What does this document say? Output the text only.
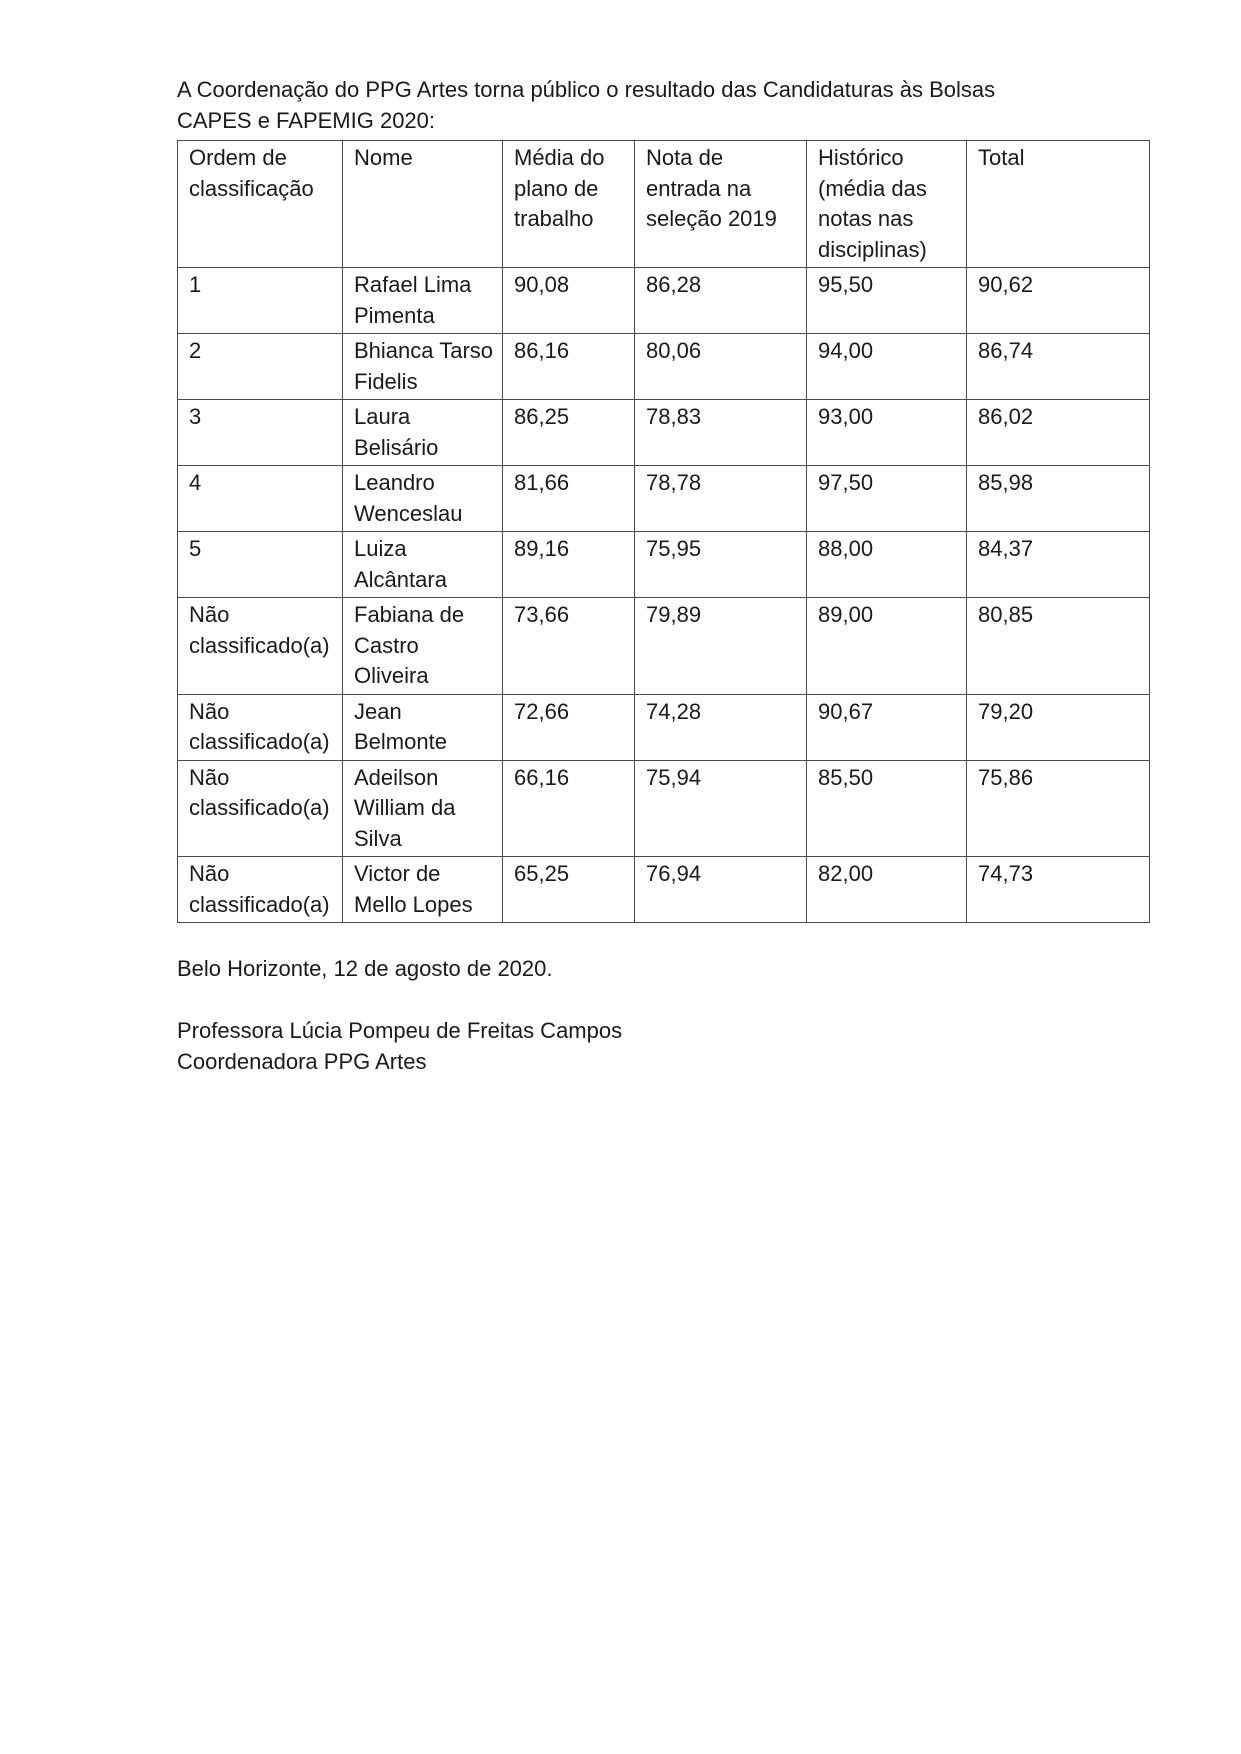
A Coordenação do PPG Artes torna público o resultado das Candidaturas às Bolsas
CAPES e FAPEMIG 2020:

Ordem de classificação	Nome	Média do plano de trabalho	Nota de entrada na seleção 2019	Histórico (média das notas nas disciplinas)	Total
1	Rafael Lima Pimenta	90,08	86,28	95,50	90,62
2	Bhianca Tarso Fidelis	86,16	80,06	94,00	86,74
3	Laura Belisário	86,25	78,83	93,00	86,02
4	Leandro Wenceslau	81,66	78,78	97,50	85,98
5	Luiza Alcântara	89,16	75,95	88,00	84,37
Não classificado(a)	Fabiana de Castro Oliveira	73,66	79,89	89,00	80,85
Não classificado(a)	Jean Belmonte	72,66	74,28	90,67	79,20
Não classificado(a)	Adeilson William da Silva	66,16	75,94	85,50	75,86
Não classificado(a)	Victor de Mello Lopes	65,25	76,94	82,00	74,73

Belo Horizonte, 12 de agosto de 2020.

Professora Lúcia Pompeu de Freitas Campos

Coordenadora PPG Artes
